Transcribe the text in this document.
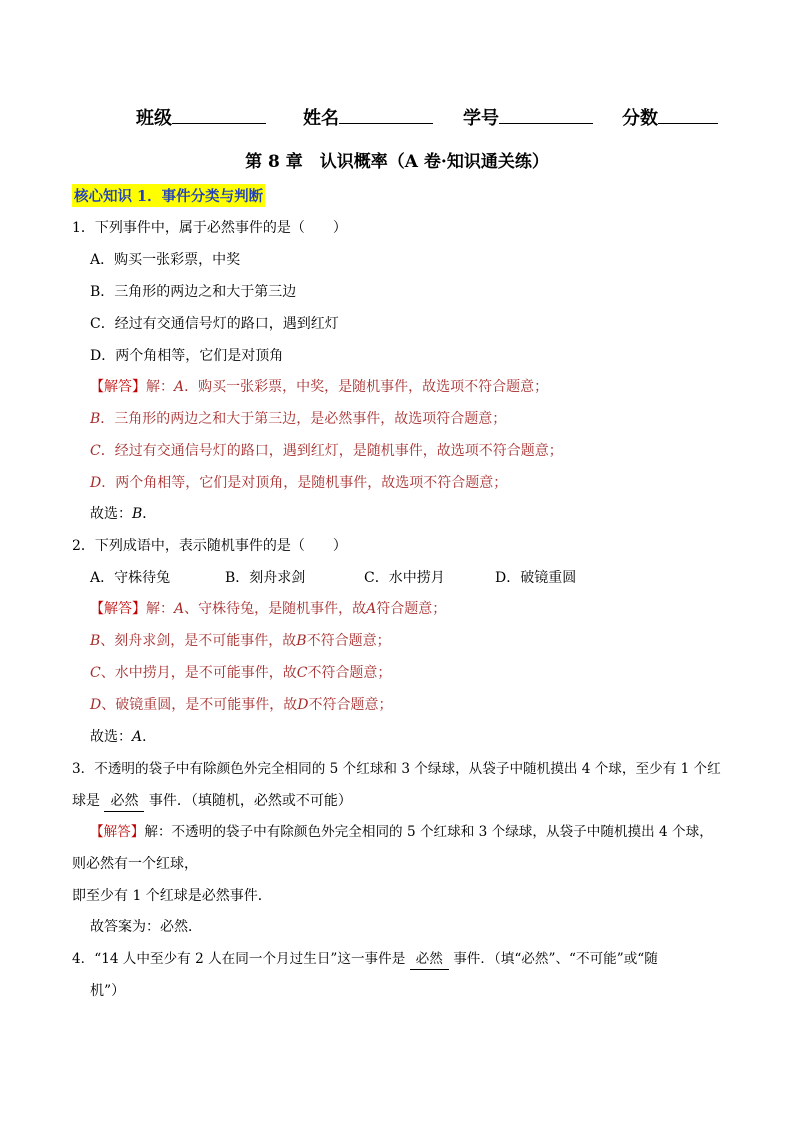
班级	姓名	学号	分数
第 8 章　认识概率（A 卷·知识通关练）
核心知识 1．事件分类与判断
1．下列事件中，属于必然事件的是（　　）
A．购买一张彩票，中奖
B．三角形的两边之和大于第三边
C．经过有交通信号灯的路口，遇到红灯
D．两个角相等，它们是对顶角
【解答】解：A．购买一张彩票，中奖，是随机事件，故选项不符合题意；
B．三角形的两边之和大于第三边，是必然事件，故选项符合题意；
C．经过有交通信号灯的路口，遇到红灯，是随机事件，故选项不符合题意；
D．两个角相等，它们是对顶角，是随机事件，故选项不符合题意；
故选：B．
2．下列成语中，表示随机事件的是（　　）
A．守株待兔	B．刻舟求剑	C．水中捞月	D．破镜重圆
【解答】解：A、守株待兔，是随机事件，故A符合题意；
B、刻舟求剑，是不可能事件，故B不符合题意；
C、水中捞月，是不可能事件，故C不符合题意；
D、破镜重圆，是不可能事件，故D不符合题意；
故选：A．
3．不透明的袋子中有除颜色外完全相同的 5 个红球和 3 个绿球，从袋子中随机摸出 4 个球，至少有 1 个红
球是 必然 事件．（填随机，必然或不可能）
【解答】解：不透明的袋子中有除颜色外完全相同的 5 个红球和 3 个绿球，从袋子中随机摸出 4 个球，
则必然有一个红球，
即至少有 1 个红球是必然事件．
故答案为：必然．
4．“14 人中至少有 2 人在同一个月过生日”这一事件是 必然 事件．（填“必然”、“不可能”或“随
机”）
